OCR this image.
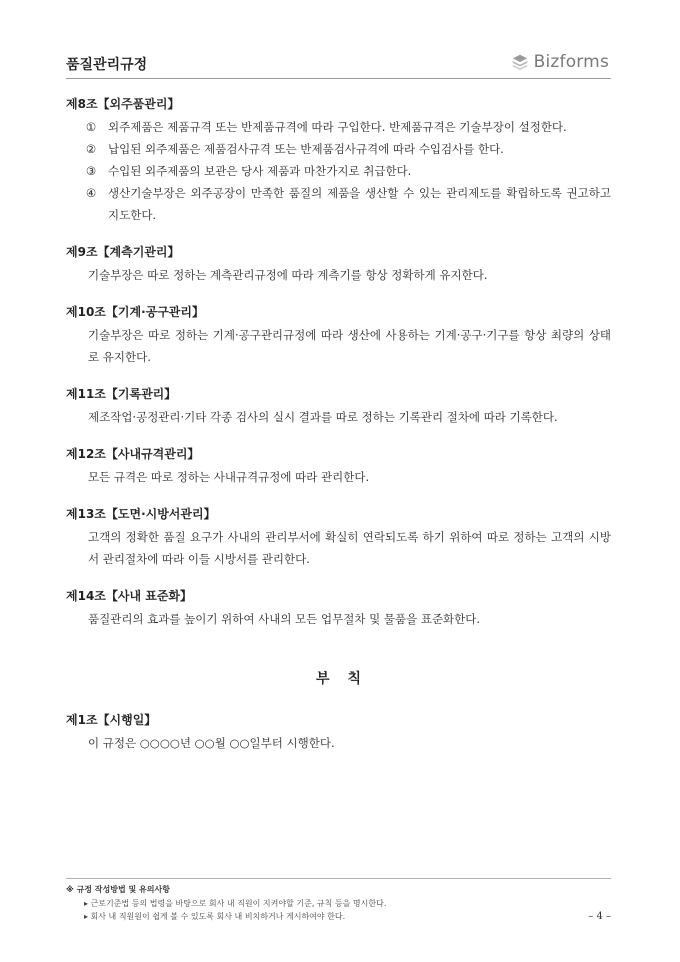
품질관리규정	Bizforms
제8조【외주품관리】
①	외주제품은 제품규격 또는 반제품규격에 따라 구입한다. 반제품규격은 기술부장이 설정한다.
②	납입된 외주제품은 제품검사규격 또는 반제품검사규격에 따라 수입검사를 한다.
③	수입된 외주제품의 보관은 당사 제품과 마찬가지로 취급한다.
④	생산기술부장은 외주공장이 만족한 품질의 제품을 생산할 수 있는 관리제도를 확립하도록 권고하고 지도한다.
제9조【계측기관리】
기술부장은 따로 정하는 계측관리규정에 따라 계측기를 항상 정확하게 유지한다.
제10조【기계·공구관리】
기술부장은 따로 정하는 기계·공구관리규정에 따라 생산에 사용하는 기계·공구·기구를 항상 최량의 상태로 유지한다.
제11조【기록관리】
제조작업·공정관리·기타 각종 검사의 실시 결과를 따로 정하는 기록관리 절차에 따라 기록한다.
제12조【사내규격관리】
모든 규격은 따로 정하는 사내규격규정에 따라 관리한다.
제13조【도면·시방서관리】
고객의 정확한 품질 요구가 사내의 관리부서에 확실히 연락되도록 하기 위하여 따로 정하는 고객의 시방서 관리절차에 따라 이들 시방서를 관리한다.
제14조【사내 표준화】
품질관리의 효과를 높이기 위하여 사내의 모든 업무절차 및 물품을 표준화한다.
부칙
제1조【시행일】
이 규정은 ○○○○년 ○○월 ○○일부터 시행한다.
※ 규정 작성방법 및 유의사항
▸ 근로기준법 등의 법령을 바탕으로 회사 내 직원이 지켜야할 기준, 규칙 등을 명시한다.
▸ 회사 내 직원원이 쉽게 볼 수 있도록 회사 내 비치하거나 게시하여야 한다.	– 4 –
